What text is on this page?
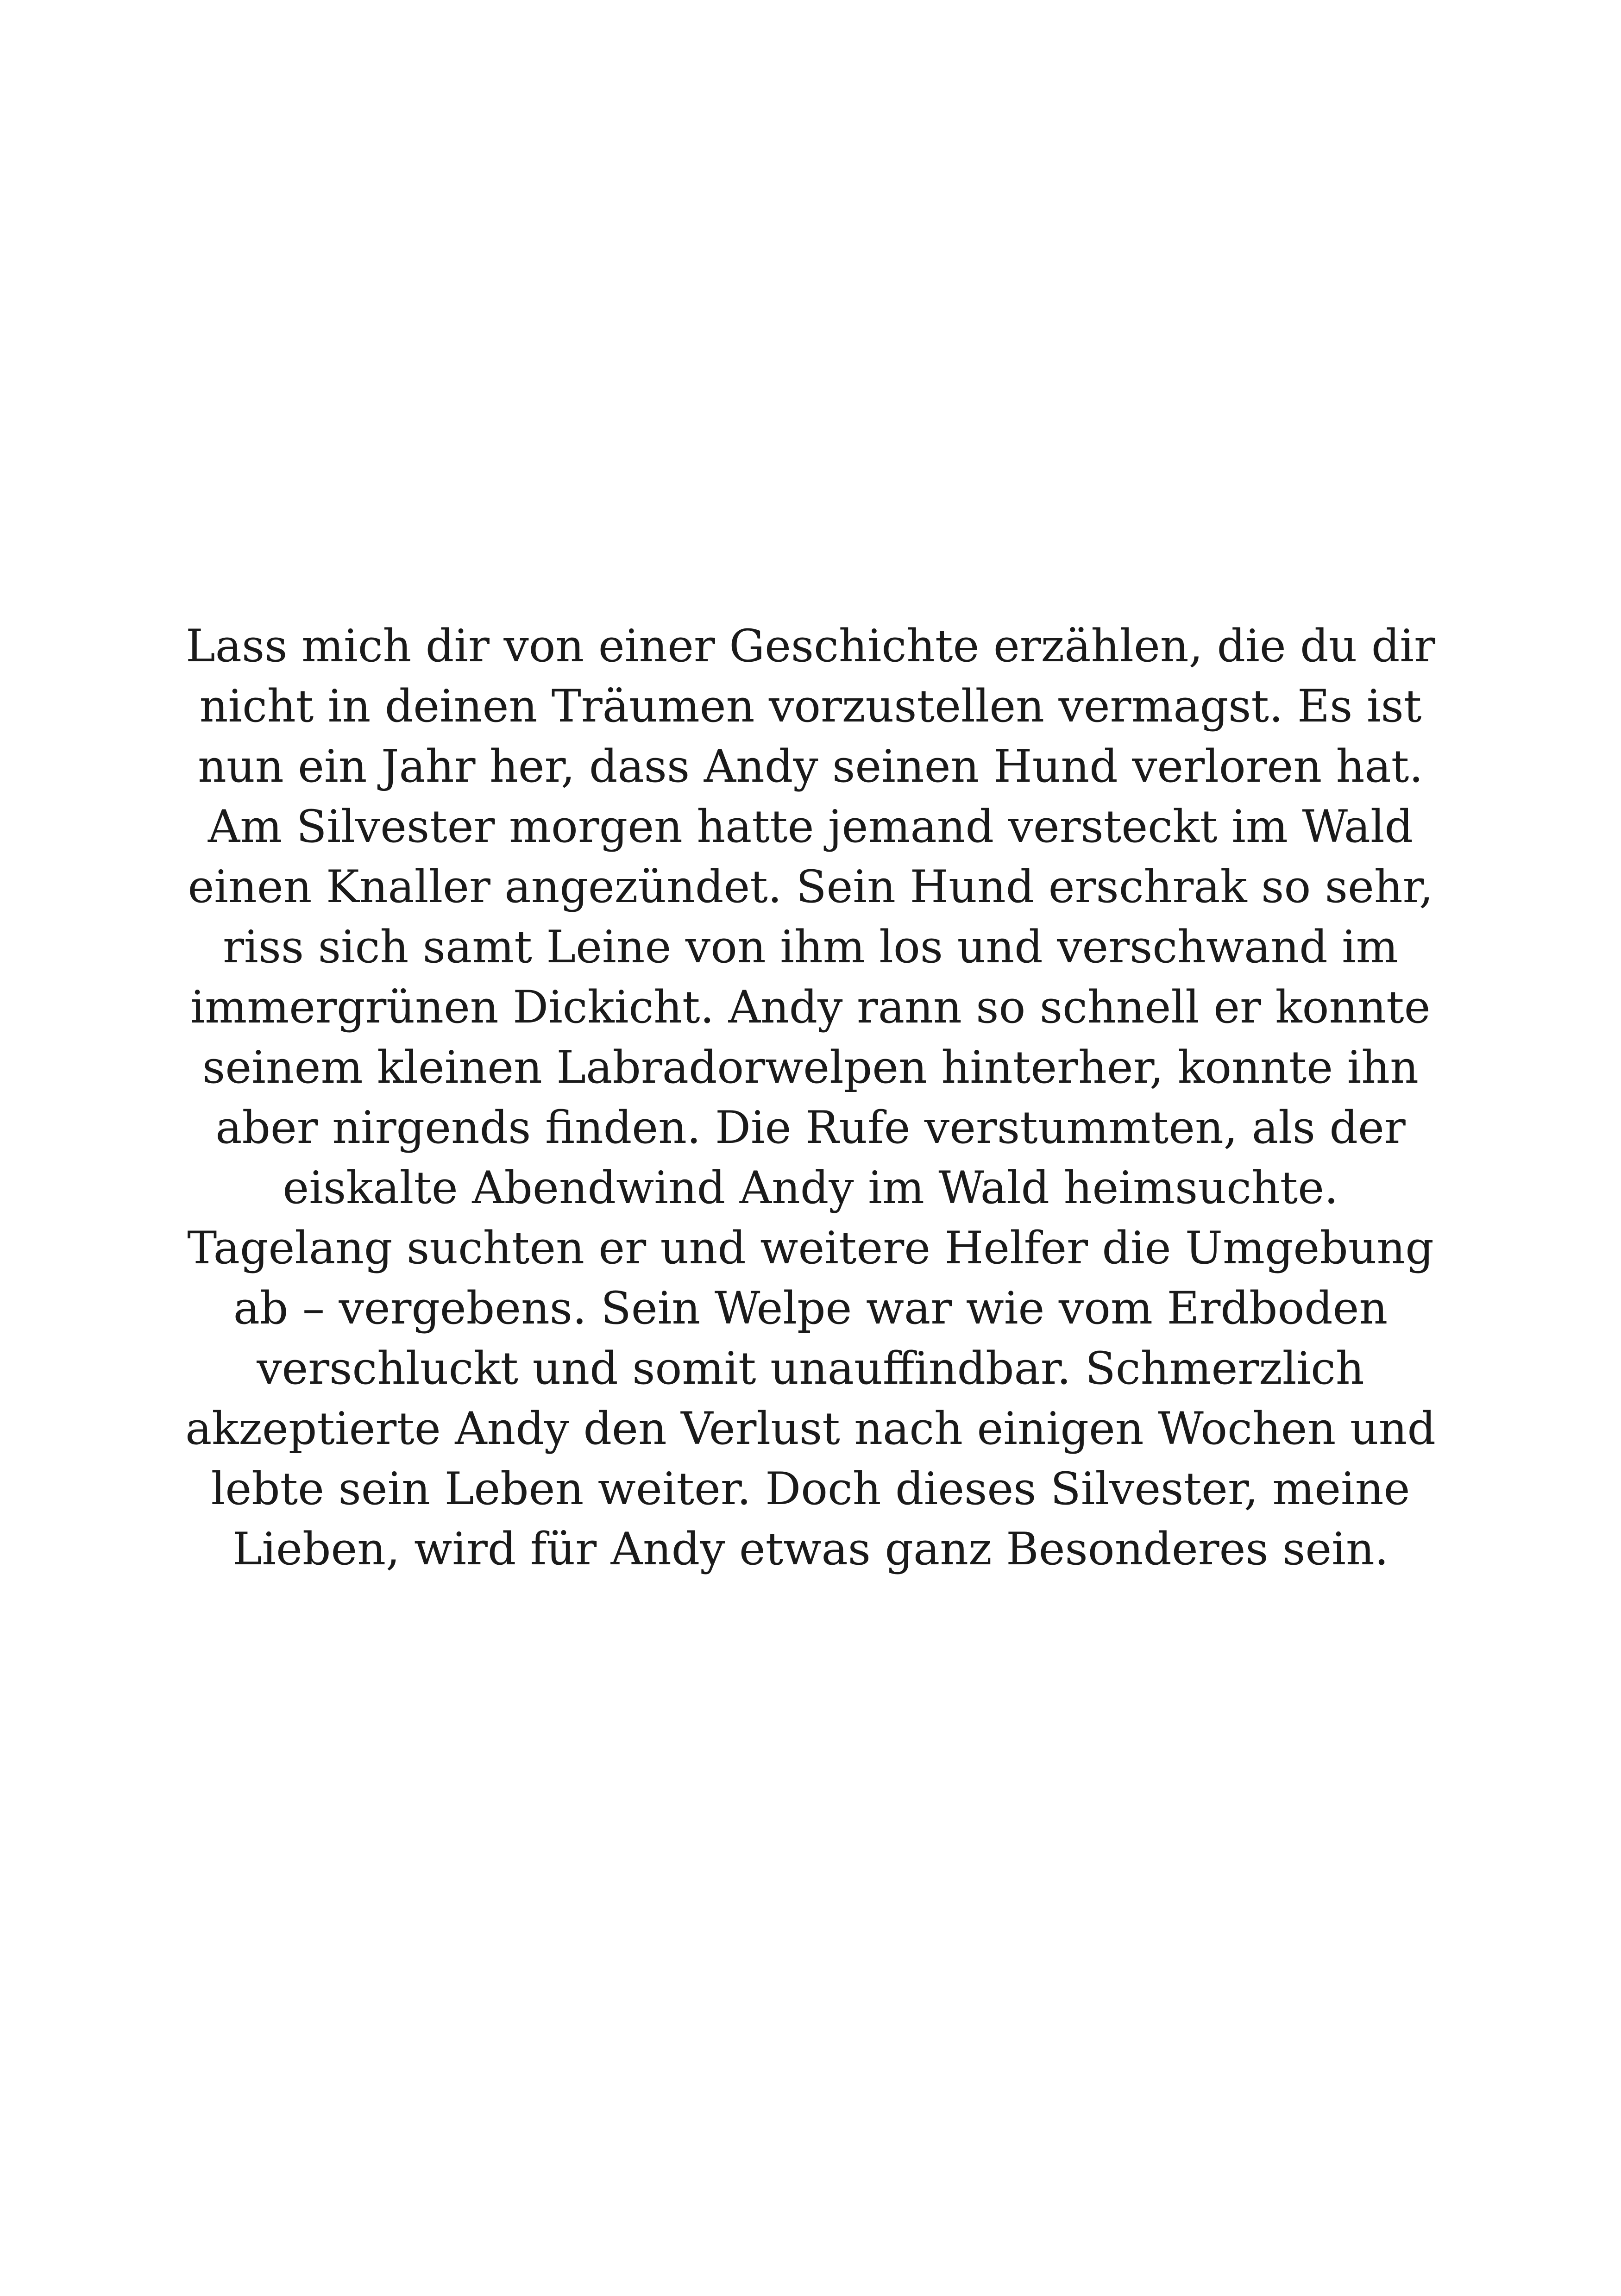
Lass mich dir von einer Geschichte erzählen, die du dir
nicht in deinen Träumen vorzustellen vermagst. Es ist
nun ein Jahr her, dass Andy seinen Hund verloren hat.
Am Silvester morgen hatte jemand versteckt im Wald
einen Knaller angezündet. Sein Hund erschrak so sehr,
riss sich samt Leine von ihm los und verschwand im
immergrünen Dickicht. Andy rann so schnell er konnte
seinem kleinen Labradorwelpen hinterher, konnte ihn
aber nirgends finden. Die Rufe verstummten, als der
eiskalte Abendwind Andy im Wald heimsuchte.
Tagelang suchten er und weitere Helfer die Umgebung
ab – vergebens. Sein Welpe war wie vom Erdboden
verschluckt und somit unauffindbar. Schmerzlich
akzeptierte Andy den Verlust nach einigen Wochen und
lebte sein Leben weiter. Doch dieses Silvester, meine
Lieben, wird für Andy etwas ganz Besonderes sein.
